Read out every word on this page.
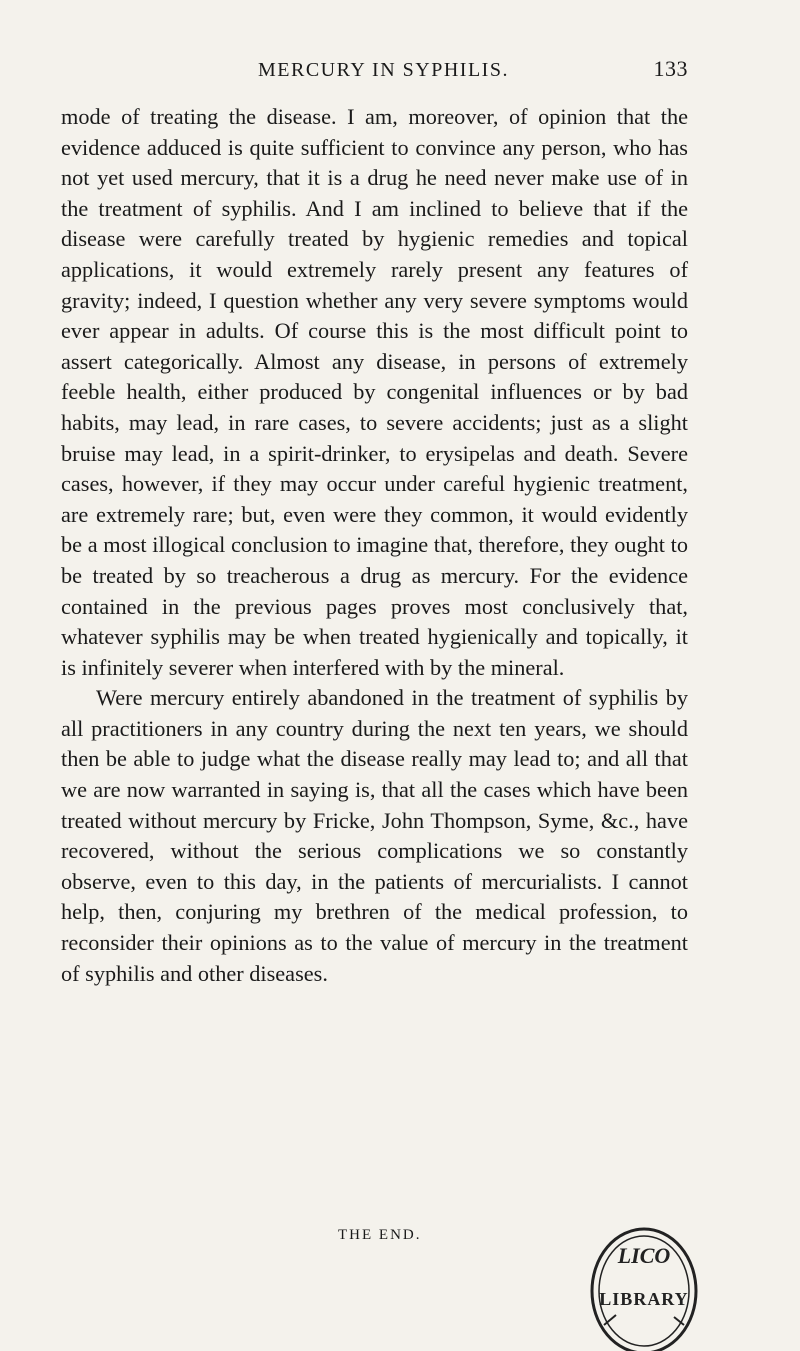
MERCURY IN SYPHILIS.	133

mode of treating the disease. I am, moreover, of opinion that the evidence adduced is quite sufficient to convince any person, who has not yet used mercury, that it is a drug he need never make use of in the treatment of syphilis. And I am inclined to believe that if the disease were carefully treated by hygienic remedies and topical applications, it would extremely rarely present any features of gravity; indeed, I question whether any very severe symptoms would ever appear in adults. Of course this is the most difficult point to assert categorically. Almost any disease, in persons of extremely feeble health, either produced by congenital influences or by bad habits, may lead, in rare cases, to severe accidents; just as a slight bruise may lead, in a spirit-drinker, to erysipelas and death. Severe cases, however, if they may occur under careful hygienic treatment, are extremely rare; but, even were they common, it would evidently be a most illogical conclusion to imagine that, therefore, they ought to be treated by so treacherous a drug as mercury. For the evidence contained in the previous pages proves most conclusively that, whatever syphilis may be when treated hygienically and topically, it is infinitely severer when interfered with by the mineral.

Were mercury entirely abandoned in the treatment of syphilis by all practitioners in any country during the next ten years, we should then be able to judge what the disease really may lead to; and all that we are now warranted in saying is, that all the cases which have been treated without mercury by Fricke, John Thompson, Syme, &c., have recovered, without the serious complications we so constantly observe, even to this day, in the patients of mercurialists. I cannot help, then, conjuring my brethren of the medical profession, to reconsider their opinions as to the value of mercury in the treatment of syphilis and other diseases.

THE END.
LICO
LIBRARY
